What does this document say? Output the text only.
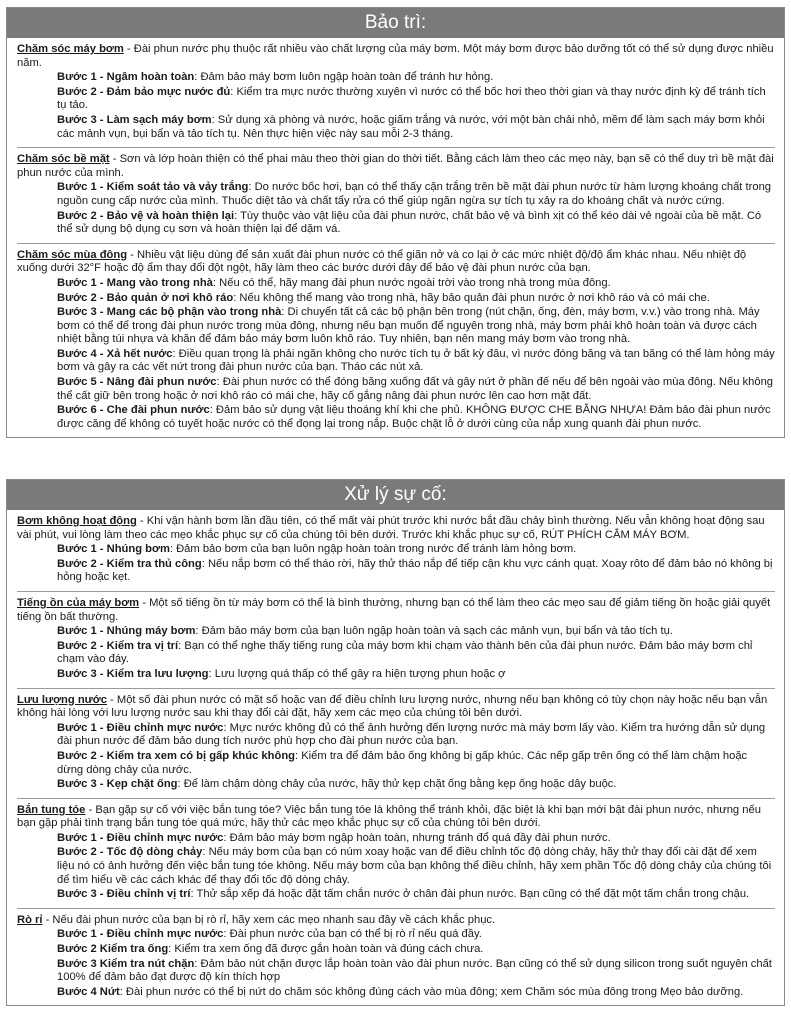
Bảo trì:

Chăm sóc máy bơm - Đài phun nước phụ thuộc rất nhiều vào chất lượng của máy bơm. Một máy bơm được bảo dưỡng tốt có thể sử dụng được nhiều năm.

Bước 1 - Ngâm hoàn toàn: Đảm bảo máy bơm luôn ngập hoàn toàn để tránh hư hỏng.
Bước 2 - Đảm bảo mực nước đủ: Kiểm tra mực nước thường xuyên vì nước có thể bốc hơi theo thời gian và thay nước định kỳ để tránh tích tụ tảo.
Bước 3 - Làm sạch máy bơm: Sử dụng xà phòng và nước, hoặc giấm trắng và nước, với một bàn chải nhỏ, mềm để làm sạch máy bơm khỏi các mảnh vụn, bụi bẩn và tảo tích tụ. Nên thực hiện việc này sau mỗi 2-3 tháng.

Chăm sóc bề mặt - Sơn và lớp hoàn thiện có thể phai màu theo thời gian do thời tiết. Bằng cách làm theo các mẹo này, bạn sẽ có thể duy trì bề mặt đài phun nước của mình.

Bước 1 - Kiểm soát tảo và vảy trắng: Do nước bốc hơi, bạn có thể thấy cặn trắng trên bề mặt đài phun nước từ hàm lượng khoáng chất trong nguồn cung cấp nước của mình. Thuốc diệt tảo và chất tẩy rửa có thể giúp ngăn ngừa sự tích tụ xảy ra do khoáng chất và nước cứng.
Bước 2 - Bảo vệ và hoàn thiện lại: Tùy thuộc vào vật liệu của đài phun nước, chất bảo vệ và bình xịt có thể kéo dài vẻ ngoài của bề mặt. Có thể sử dụng bộ dụng cụ sơn và hoàn thiện lại để dặm vá.

Chăm sóc mùa đông - Nhiều vật liệu dùng để sản xuất đài phun nước có thể giãn nở và co lại ở các mức nhiệt độ/độ ẩm khác nhau. Nếu nhiệt độ xuống dưới 32°F hoặc độ ẩm thay đổi đột ngột, hãy làm theo các bước dưới đây để bảo vệ đài phun nước của bạn.

Bước 1 - Mang vào trong nhà: Nếu có thể, hãy mang đài phun nước ngoài trời vào trong nhà trong mùa đông.
Bước 2 - Bảo quản ở nơi khô ráo: Nếu không thể mang vào trong nhà, hãy bảo quản đài phun nước ở nơi khô ráo và có mái che.
Bước 3 - Mang các bộ phận vào trong nhà: Di chuyển tất cả các bộ phận bên trong (nút chặn, ống, đèn, máy bơm, v.v.) vào trong nhà. Máy bơm có thể để trong đài phun nước trong mùa đông, nhưng nếu bạn muốn để nguyên trong nhà, máy bơm phải khô hoàn toàn và được cách nhiệt bằng túi nhựa và khăn để đảm bảo máy bơm luôn khô ráo. Tuy nhiên, bạn nên mang máy bơm vào trong nhà.
Bước 4 - Xả hết nước: Điều quan trọng là phải ngăn không cho nước tích tụ ở bất kỳ đâu, vì nước đóng băng và tan băng có thể làm hỏng máy bơm và gây ra các vết nứt trong đài phun nước của bạn. Tháo các nút xả.
Bước 5 - Nâng đài phun nước: Đài phun nước có thể đóng băng xuống đất và gây nứt ở phần đế nếu để bên ngoài vào mùa đông. Nếu không thể cất giữ bên trong hoặc ở nơi khô ráo có mái che, hãy cố gắng nâng đài phun nước lên cao hơn mặt đất.
Bước 6 - Che đài phun nước: Đảm bảo sử dụng vật liệu thoáng khí khi che phủ. KHÔNG ĐƯỢC CHE BẰNG NHỰA! Đảm bảo đài phun nước được căng để không có tuyết hoặc nước có thể đọng lại trong nắp. Buộc chặt lỗ ở dưới cùng của nắp xung quanh đài phun nước.
Xử lý sự cố:

Bơm không hoạt động - Khi vận hành bơm lần đầu tiên, có thể mất vài phút trước khi nước bắt đầu chảy bình thường. Nếu vẫn không hoạt động sau vài phút, vui lòng làm theo các mẹo khắc phục sự cố của chúng tôi bên dưới. Trước khi khắc phục sự cố, RÚT PHÍCH CẮM MÁY BƠM.

Bước 1 - Nhúng bơm: Đảm bảo bơm của bạn luôn ngập hoàn toàn trong nước để tránh làm hỏng bơm.
Bước 2 - Kiểm tra thủ công: Nếu nắp bơm có thể tháo rời, hãy thử tháo nắp để tiếp cận khu vực cánh quạt. Xoay rôto để đảm bảo nó không bị hỏng hoặc kẹt.

Tiếng ồn của máy bơm - Một số tiếng ồn từ máy bơm có thể là bình thường, nhưng bạn có thể làm theo các mẹo sau để giảm tiếng ồn hoặc giải quyết tiếng ồn bất thường.

Bước 1 - Nhúng máy bơm: Đảm bảo máy bơm của bạn luôn ngập hoàn toàn và sạch các mảnh vụn, bụi bẩn và tảo tích tụ.
Bước 2 - Kiểm tra vị trí: Bạn có thể nghe thấy tiếng rung của máy bơm khi chạm vào thành bên của đài phun nước. Đảm bảo máy bơm chỉ chạm vào đáy.
Bước 3 - Kiểm tra lưu lượng: Lưu lượng quá thấp có thể gây ra hiện tượng phun hoặc ợ

Lưu lượng nước - Một số đài phun nước có mặt số hoặc van để điều chỉnh lưu lượng nước, nhưng nếu bạn không có tùy chọn này hoặc nếu bạn vẫn không hài lòng với lưu lượng nước sau khi thay đổi cài đặt, hãy xem các mẹo của chúng tôi bên dưới.

Bước 1 - Điều chỉnh mực nước: Mực nước không đủ có thể ảnh hưởng đến lượng nước mà máy bơm lấy vào. Kiểm tra hướng dẫn sử dụng đài phun nước để đảm bảo dung tích nước phù hợp cho đài phun nước của bạn.
Bước 2 - Kiểm tra xem có bị gấp khúc không: Kiểm tra để đảm bảo ống không bị gấp khúc. Các nếp gấp trên ống có thể làm chậm hoặc dừng dòng chảy của nước.
Bước 3 - Kẹp chặt ống: Để làm chậm dòng chảy của nước, hãy thử kẹp chặt ống bằng kẹp ống hoặc dây buộc.

Bắn tung tóe - Bạn gặp sự cố với việc bắn tung tóe? Việc bắn tung tóe là không thể tránh khỏi, đặc biệt là khi bạn mới bật đài phun nước, nhưng nếu bạn gặp phải tình trạng bắn tung tóe quá mức, hãy thử các mẹo khắc phục sự cố của chúng tôi bên dưới.

Bước 1 - Điều chỉnh mực nước: Đảm bảo máy bơm ngập hoàn toàn, nhưng tránh đổ quá đầy đài phun nước.
Bước 2 - Tốc độ dòng chảy: Nếu máy bơm của bạn có núm xoay hoặc van để điều chỉnh tốc độ dòng chảy, hãy thử thay đổi cài đặt để xem liệu nó có ảnh hưởng đến việc bắn tung tóe không. Nếu máy bơm của bạn không thể điều chỉnh, hãy xem phần Tốc độ dòng chảy của chúng tôi để tìm hiểu về các cách khác để thay đổi tốc độ dòng chảy.
Bước 3 - Điều chỉnh vị trí: Thử sắp xếp đá hoặc đặt tấm chắn nước ở chân đài phun nước. Bạn cũng có thể đặt một tấm chắn trong chậu.

Rò rỉ - Nếu đài phun nước của bạn bị rò rỉ, hãy xem các mẹo nhanh sau đây về cách khắc phục.

Bước 1 - Điều chỉnh mực nước: Đài phun nước của bạn có thể bị rò rỉ nếu quá đầy.
Bước 2 Kiểm tra ống: Kiểm tra xem ống đã được gắn hoàn toàn và đúng cách chưa.
Bước 3 Kiểm tra nút chặn: Đảm bảo nút chặn được lắp hoàn toàn vào đài phun nước. Bạn cũng có thể sử dụng silicon trong suốt nguyên chất 100% để đảm bảo đạt được độ kín thích hợp
Bước 4 Nứt: Đài phun nước có thể bị nứt do chăm sóc không đúng cách vào mùa đông; xem Chăm sóc mùa đông trong Mẹo bảo dưỡng.
